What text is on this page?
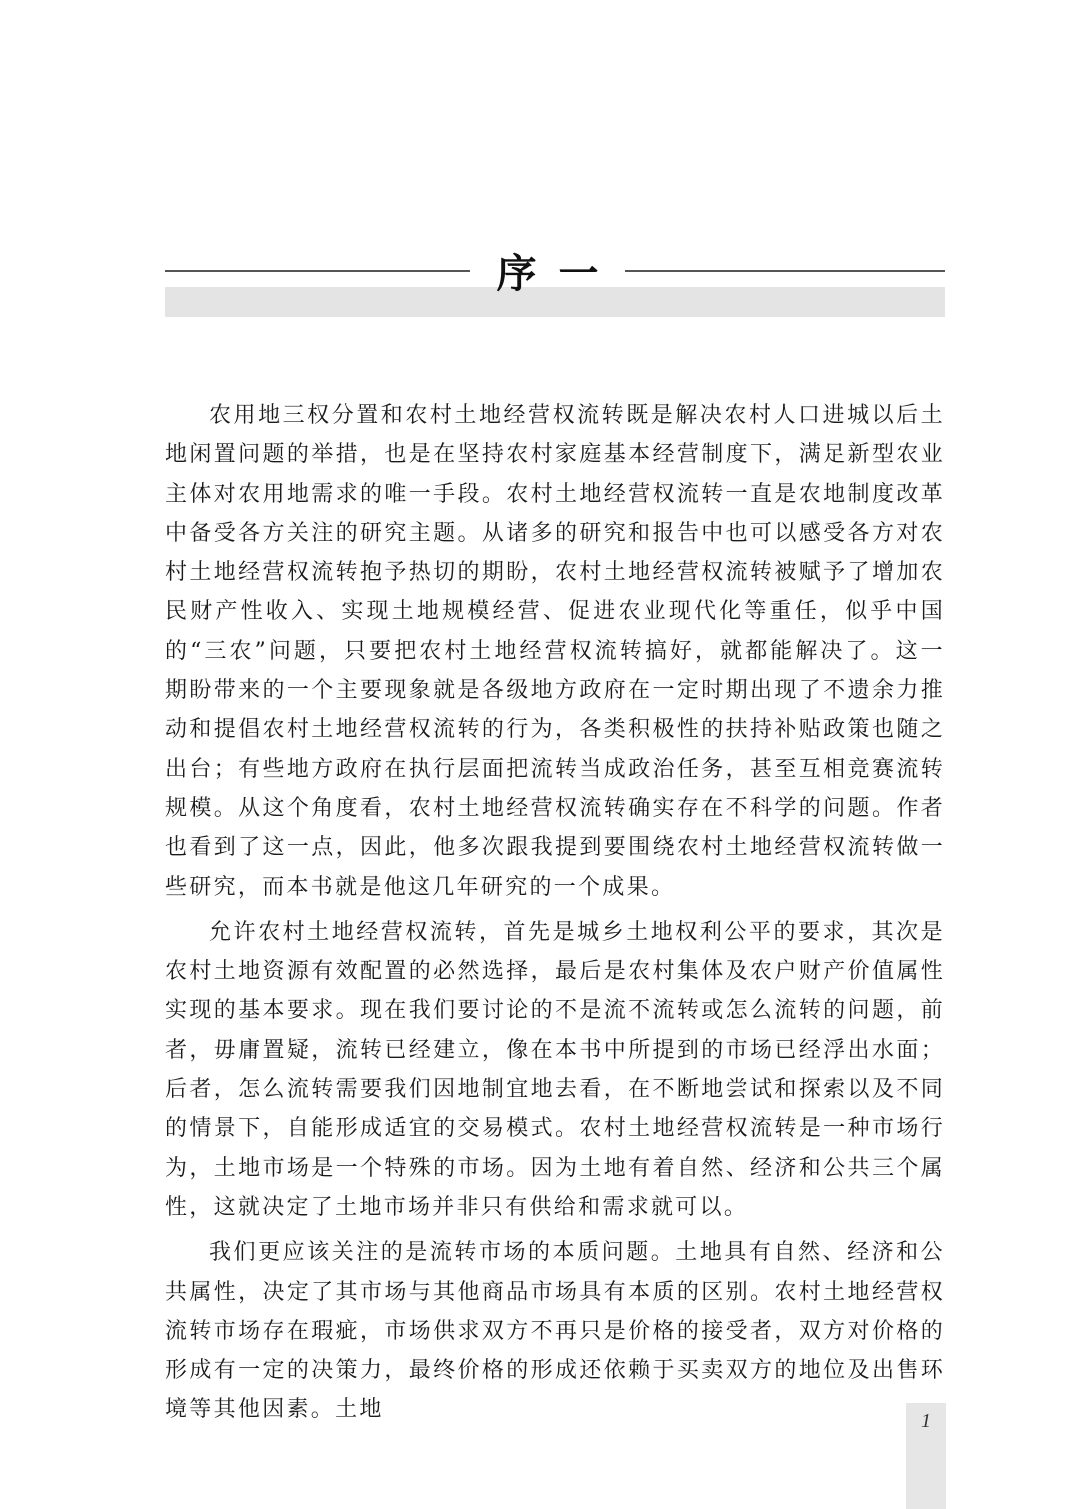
序一

农用地三权分置和农村土地经营权流转既是解决农村人口进城以后土地闲置问题的举措，也是在坚持农村家庭基本经营制度下，满足新型农业主体对农用地需求的唯一手段。农村土地经营权流转一直是农地制度改革中备受各方关注的研究主题。从诸多的研究和报告中也可以感受各方对农村土地经营权流转抱予热切的期盼，农村土地经营权流转被赋予了增加农民财产性收入、实现土地规模经营、促进农业现代化等重任，似乎中国的“三农”问题，只要把农村土地经营权流转搞好，就都能解决了。这一期盼带来的一个主要现象就是各级地方政府在一定时期出现了不遗余力推动和提倡农村土地经营权流转的行为，各类积极性的扶持补贴政策也随之出台；有些地方政府在执行层面把流转当成政治任务，甚至互相竞赛流转规模。从这个角度看，农村土地经营权流转确实存在不科学的问题。作者也看到了这一点，因此，他多次跟我提到要围绕农村土地经营权流转做一些研究，而本书就是他这几年研究的一个成果。

允许农村土地经营权流转，首先是城乡土地权利公平的要求，其次是农村土地资源有效配置的必然选择，最后是农村集体及农户财产价值属性实现的基本要求。现在我们要讨论的不是流不流转或怎么流转的问题，前者，毋庸置疑，流转已经建立，像在本书中所提到的市场已经浮出水面；后者，怎么流转需要我们因地制宜地去看，在不断地尝试和探索以及不同的情景下，自能形成适宜的交易模式。农村土地经营权流转是一种市场行为，土地市场是一个特殊的市场。因为土地有着自然、经济和公共三个属性，这就决定了土地市场并非只有供给和需求就可以。

我们更应该关注的是流转市场的本质问题。土地具有自然、经济和公共属性，决定了其市场与其他商品市场具有本质的区别。农村土地经营权流转市场存在瑕疵，市场供求双方不再只是价格的接受者，双方对价格的形成有一定的决策力，最终价格的形成还依赖于买卖双方的地位及出售环境等其他因素。土地	1
